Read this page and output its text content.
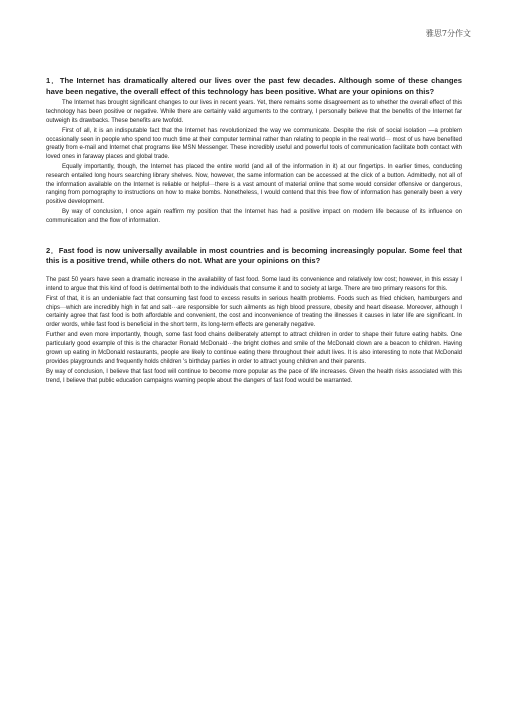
雅思7分作文
1．The Internet has dramatically altered our lives over the past few decades. Although some of these changes have been negative, the overall effect of this technology has been positive. What are your opinions on this?

The Internet has brought significant changes to our lives in recent years. Yet, there remains some disagreement as to whether the overall effect of this technology has been positive or negative. While there are certainly valid arguments to the contrary, I personally believe that the benefits of the Internet far outweigh its drawbacks. These benefits are twofold.

First of all, it is an indisputable fact that the Internet has revolutionized the way we communicate. Despite the risk of social isolation —a problem occasionally seen in people who spend too much time at their computer terminal rather than relating to people in the real world··· most of us have benefited greatly from e-mail and Internet chat programs like MSN Messenger. These incredibly useful and powerful tools of communication facilitate both contact with loved ones in faraway places and global trade.

Equally importantly, though, the Internet has placed the entire world (and all of the information in it) at our fingertips. In earlier times, conducting research entailed long hours searching library shelves. Now, however, the same information can be accessed at the click of a button. Admittedly, not all of the information available on the Internet is reliable or helpful···there is a vast amount of material online that some would consider offensive or dangerous, ranging from pornography to instructions on how to make bombs. Nonetheless, I would contend that this free flow of information has generally been a very positive development.

By way of conclusion, I once again reaffirm my position that the Internet has had a positive impact on modern life because of its influence on communication and the flow of information.

2．Fast food is now universally available in most countries and is becoming increasingly popular. Some feel that this is a positive trend, while others do not. What are your opinions on this?

The past 50 years have seen a dramatic increase in the availability of fast food. Some laud its convenience and relatively low cost; however, in this essay I intend to argue that this kind of food is detrimental both to the individuals that consume it and to society at large. There are two primary reasons for this.

First of that, it is an undeniable fact that consuming fast food to excess results in serious health problems. Foods such as fried chicken, hamburgers and chips···which are incredibly high in fat and salt···are responsible for such ailments as high blood pressure, obesity and heart disease. Moreover, although I certainly agree that fast food is both affordable and convenient, the cost and inconvenience of treating the illnesses it causes in later life are significant. In order words, while fast food is beneficial in the short term, its long-term effects are generally negative.

Further and even more importantly, though, some fast food chains deliberately attempt to attract children in order to shape their future eating habits. One particularly good example of this is the character Ronald McDonald···the bright clothes and smile of the McDonald clown are a beacon to children. Having grown up eating in McDonald restaurants, people are likely to continue eating there throughout their adult lives. It is also interesting to note that McDonald provides playgrounds and frequently holds children 's birthday parties in order to attract young children and their parents.

By way of conclusion, I believe that fast food will continue to become more popular as the pace of life increases. Given the health risks associated with this trend, I believe that public education campaigns warning people about the dangers of fast food would be warranted.
